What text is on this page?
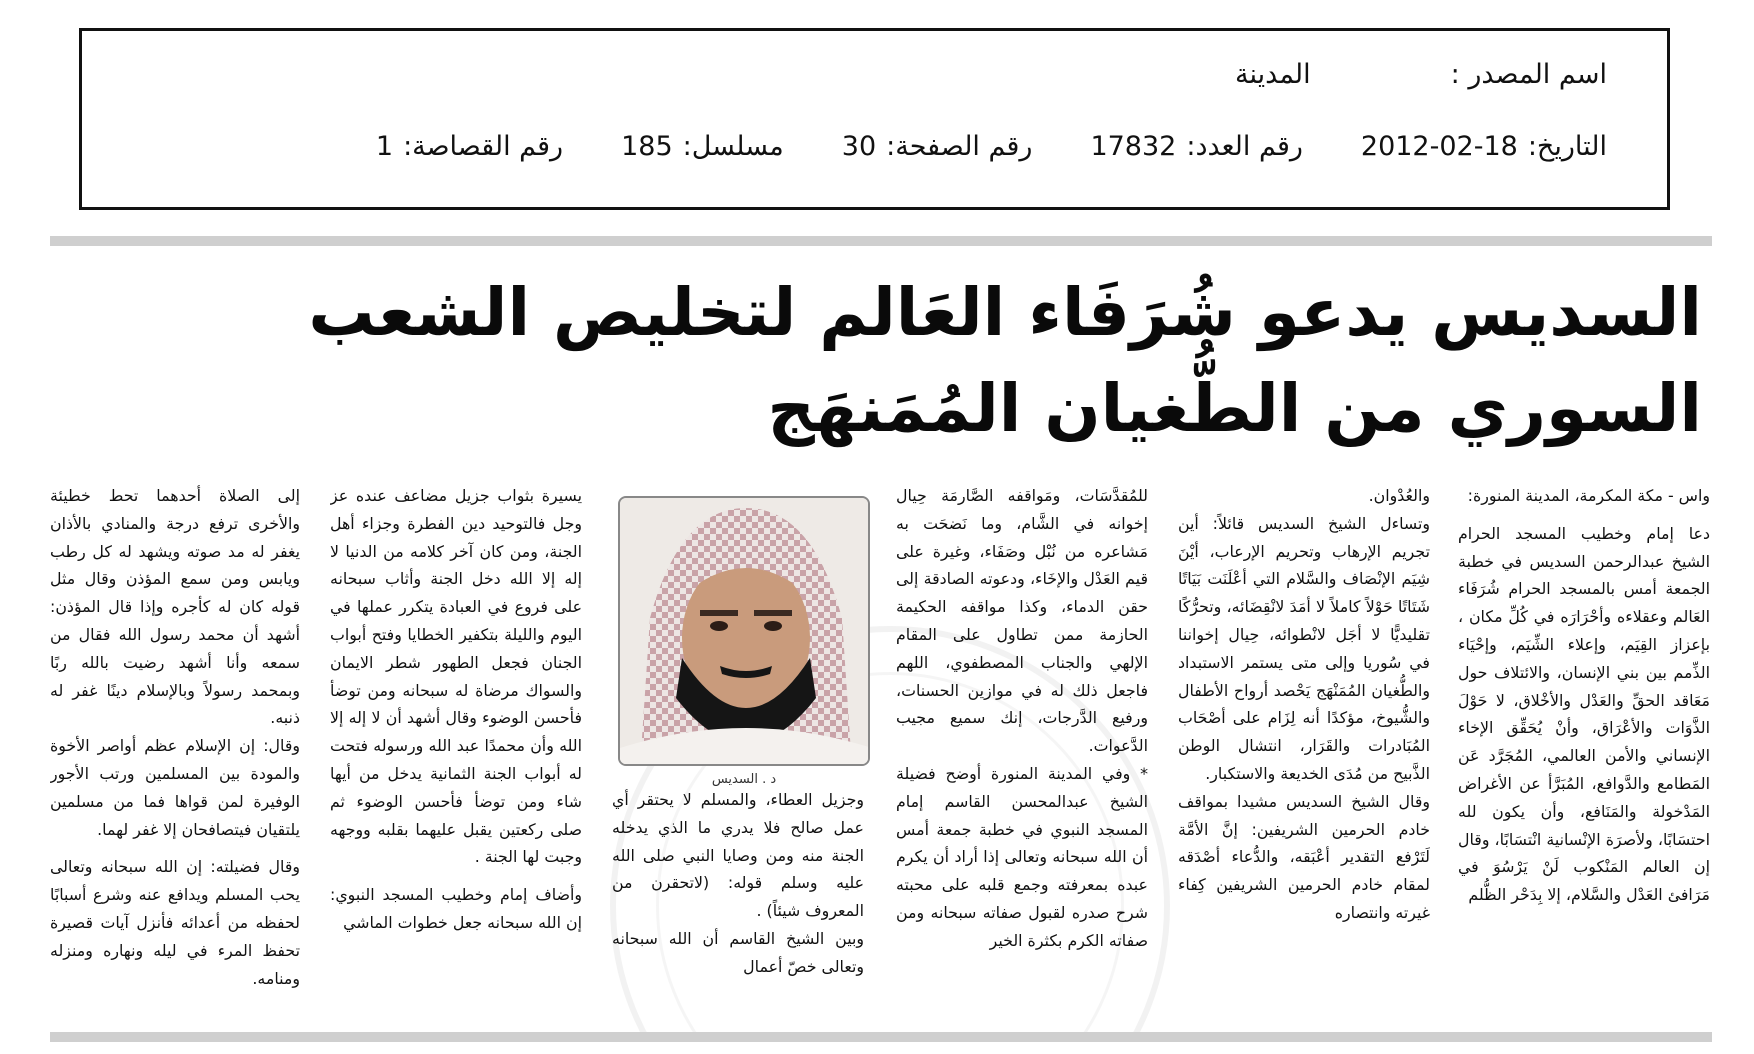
اسم المصدر :
المدينة
التاريخ:
2012-02-18
رقم العدد:
17832
رقم الصفحة:
30
مسلسل:
185
رقم القصاصة:
1
السديس يدعو شُرَفَاء العَالم لتخليص الشعب
السوري من الطُّغيان المُمَنهَج
د . السديس

واس - مكة المكرمة، المدينة المنورة:

دعا إمام وخطيب المسجد الحرام الشيخ عبدالرحمن السديس في خطبة الجمعة أمس بالمسجد الحرام شُرَفَاء العَالم وعقلاءه وأحْرَارَه في كُلِّ مكان ، بإعزاز القِيَم، وإعلاء الشِّيَم، وإحْيَاء الذِّمم بين بني الإنسان، والائتلاف حول مَعَاقد الحقِّ والعَدْل والأخْلاق، لا حَوْلَ الذَّوَات والأعْرَاق، وأنْ يُحَقِّق الإخاء الإنساني والأمن العالمي، المُجَرَّد عَن المَطامع والدَّوافع، المُبَرَّأ عن الأغراض المَدْخولة والمَنَافع، وأن يكون لله احتسَابًا، ولأصرَة الإنْسانية انْتسَابًا، وقال إن العالم المَنْكوب لَنْ يَرْسُوَ في مَرَافئ العَدْل والسَّلام، إلا بِدَحْر الظُّلم

والعُدْوان.

وتساءل الشيخ السديس قائلاً: أين تجريم الإرهاب وتحريم الإرعاب، أيْنَ شِيَم الإنْصَاف والسَّلام التي أعْلَنَت بَيَاتًا شَتَاتًا حَوْلاً كاملاً لا أمَدَ لانْقِضَائه، وتحرُّكًا تقليديًّا لا أجَل لانْطوائه، حِيال إخواننا في سُوريا وإلى متى يستمر الاستبداد والطُّغيان المُمَنْهَج يَحْصد أرواح الأطفال والشُّيوخ، مؤكدًا أنه لِزَام على أصْحَاب المُبَادرات والقَرَار، انتشال الوطن الذَّبيح من مُدَى الخديعة والاستكبار.

وقال الشيخ السديس مشيدا بمواقف خادم الحرمين الشريفين: إنَّ الأمَّة لَتَرْفع التقدير أعْبَقه، والدُّعاء أصْدَقه لمقام خادم الحرمين الشريفين كِفاء غيرته وانتصاره

للمُقدَّسَات، ومَواقفه الصَّارمَة حِيال إخوانه في الشَّام، وما نَضحَت به مَشاعره من نُبْل وصَفَاء، وغيرة على قيم العَدْل والإخَاء، ودعوته الصادقة إلى حقن الدماء، وكذا مواقفه الحكيمة الحازمة ممن تطاول على المقام الإلهي والجناب المصطفوي، اللهم فاجعل ذلك له في موازين الحسنات، ورفيع الدَّرجات، إنك سميع مجيب الدَّعوات.

* وفي المدينة المنورة أوضح فضيلة الشيخ عبدالمحسن القاسم إمام المسجد النبوي في خطبة جمعة أمس أن الله سبحانه وتعالى إذا أراد أن يكرم عبده بمعرفته وجمع قلبه على محبته شرح صدره لقبول صفاته سبحانه ومن صفاته الكرم بكثرة الخير

وجزيل العطاء، والمسلم لا يحتقر أي عمل صالح فلا يدري ما الذي يدخله الجنة منه ومن وصايا النبي صلى الله عليه وسلم قوله: (لاتحقرن من المعروف شيئاً) .

وبين الشيخ القاسم أن الله سبحانه وتعالى خصّ أعمال

يسيرة بثواب جزيل مضاعف عنده عز وجل فالتوحيد دين الفطرة وجزاء أهل الجنة، ومن كان آخر كلامه من الدنيا لا إله إلا الله دخل الجنة وأثاب سبحانه على فروع في العبادة يتكرر عملها في اليوم والليلة بتكفير الخطايا وفتح أبواب الجنان فجعل الطهور شطر الايمان والسواك مرضاة له سبحانه ومن توضأ فأحسن الوضوء وقال أشهد أن لا إله إلا الله وأن محمدًا عبد الله ورسوله فتحت له أبواب الجنة الثمانية يدخل من أيها شاء ومن توضأ فأحسن الوضوء ثم صلى ركعتين يقبل عليهما بقلبه ووجهه وجبت لها الجنة .

وأضاف إمام وخطيب المسجد النبوي: إن الله سبحانه جعل خطوات الماشي

إلى الصلاة أحدهما تحط خطيئة والأخرى ترفع درجة والمنادي بالأذان يغفر له مد صوته ويشهد له كل رطب ويابس ومن سمع المؤذن وقال مثل قوله كان له كأجره وإذا قال المؤذن: أشهد أن محمد رسول الله فقال من سمعه وأنا أشهد رضيت بالله ربًا وبمحمد رسولاً وبالإسلام دينًا غفر له ذنبه.

وقال: إن الإسلام عظم أواصر الأخوة والمودة بين المسلمين ورتب الأجور الوفيرة لمن قواها فما من مسلمين يلتقيان فيتصافحان إلا غفر لهما.

وقال فضيلته: إن الله سبحانه وتعالى يحب المسلم ويدافع عنه وشرع أسبابًا لحفظه من أعدائه فأنزل آيات قصيرة تحفظ المرء في ليله ونهاره ومنزله ومنامه.
